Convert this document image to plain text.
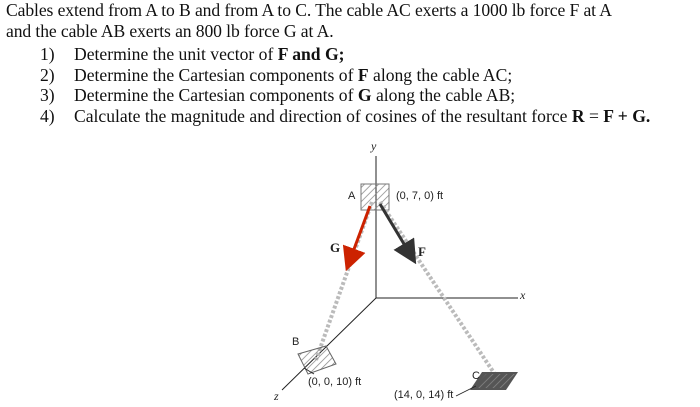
Cables extend from A to B and from A to C. The cable AC exerts a 1000 lb force F at A
and the cable AB exerts an 800 lb force G at A.
1) Determine the unit vector of F and G;
2) Determine the Cartesian components of F along the cable AC;
3) Determine the Cartesian components of G along the cable AB;
4) Calculate the magnitude and direction of cosines of the resultant force R = F + G.
y
x
z
A	(0, 7, 0) ft
G	F
B
(0, 0, 10) ft	C
(14, 0, 14) ft
